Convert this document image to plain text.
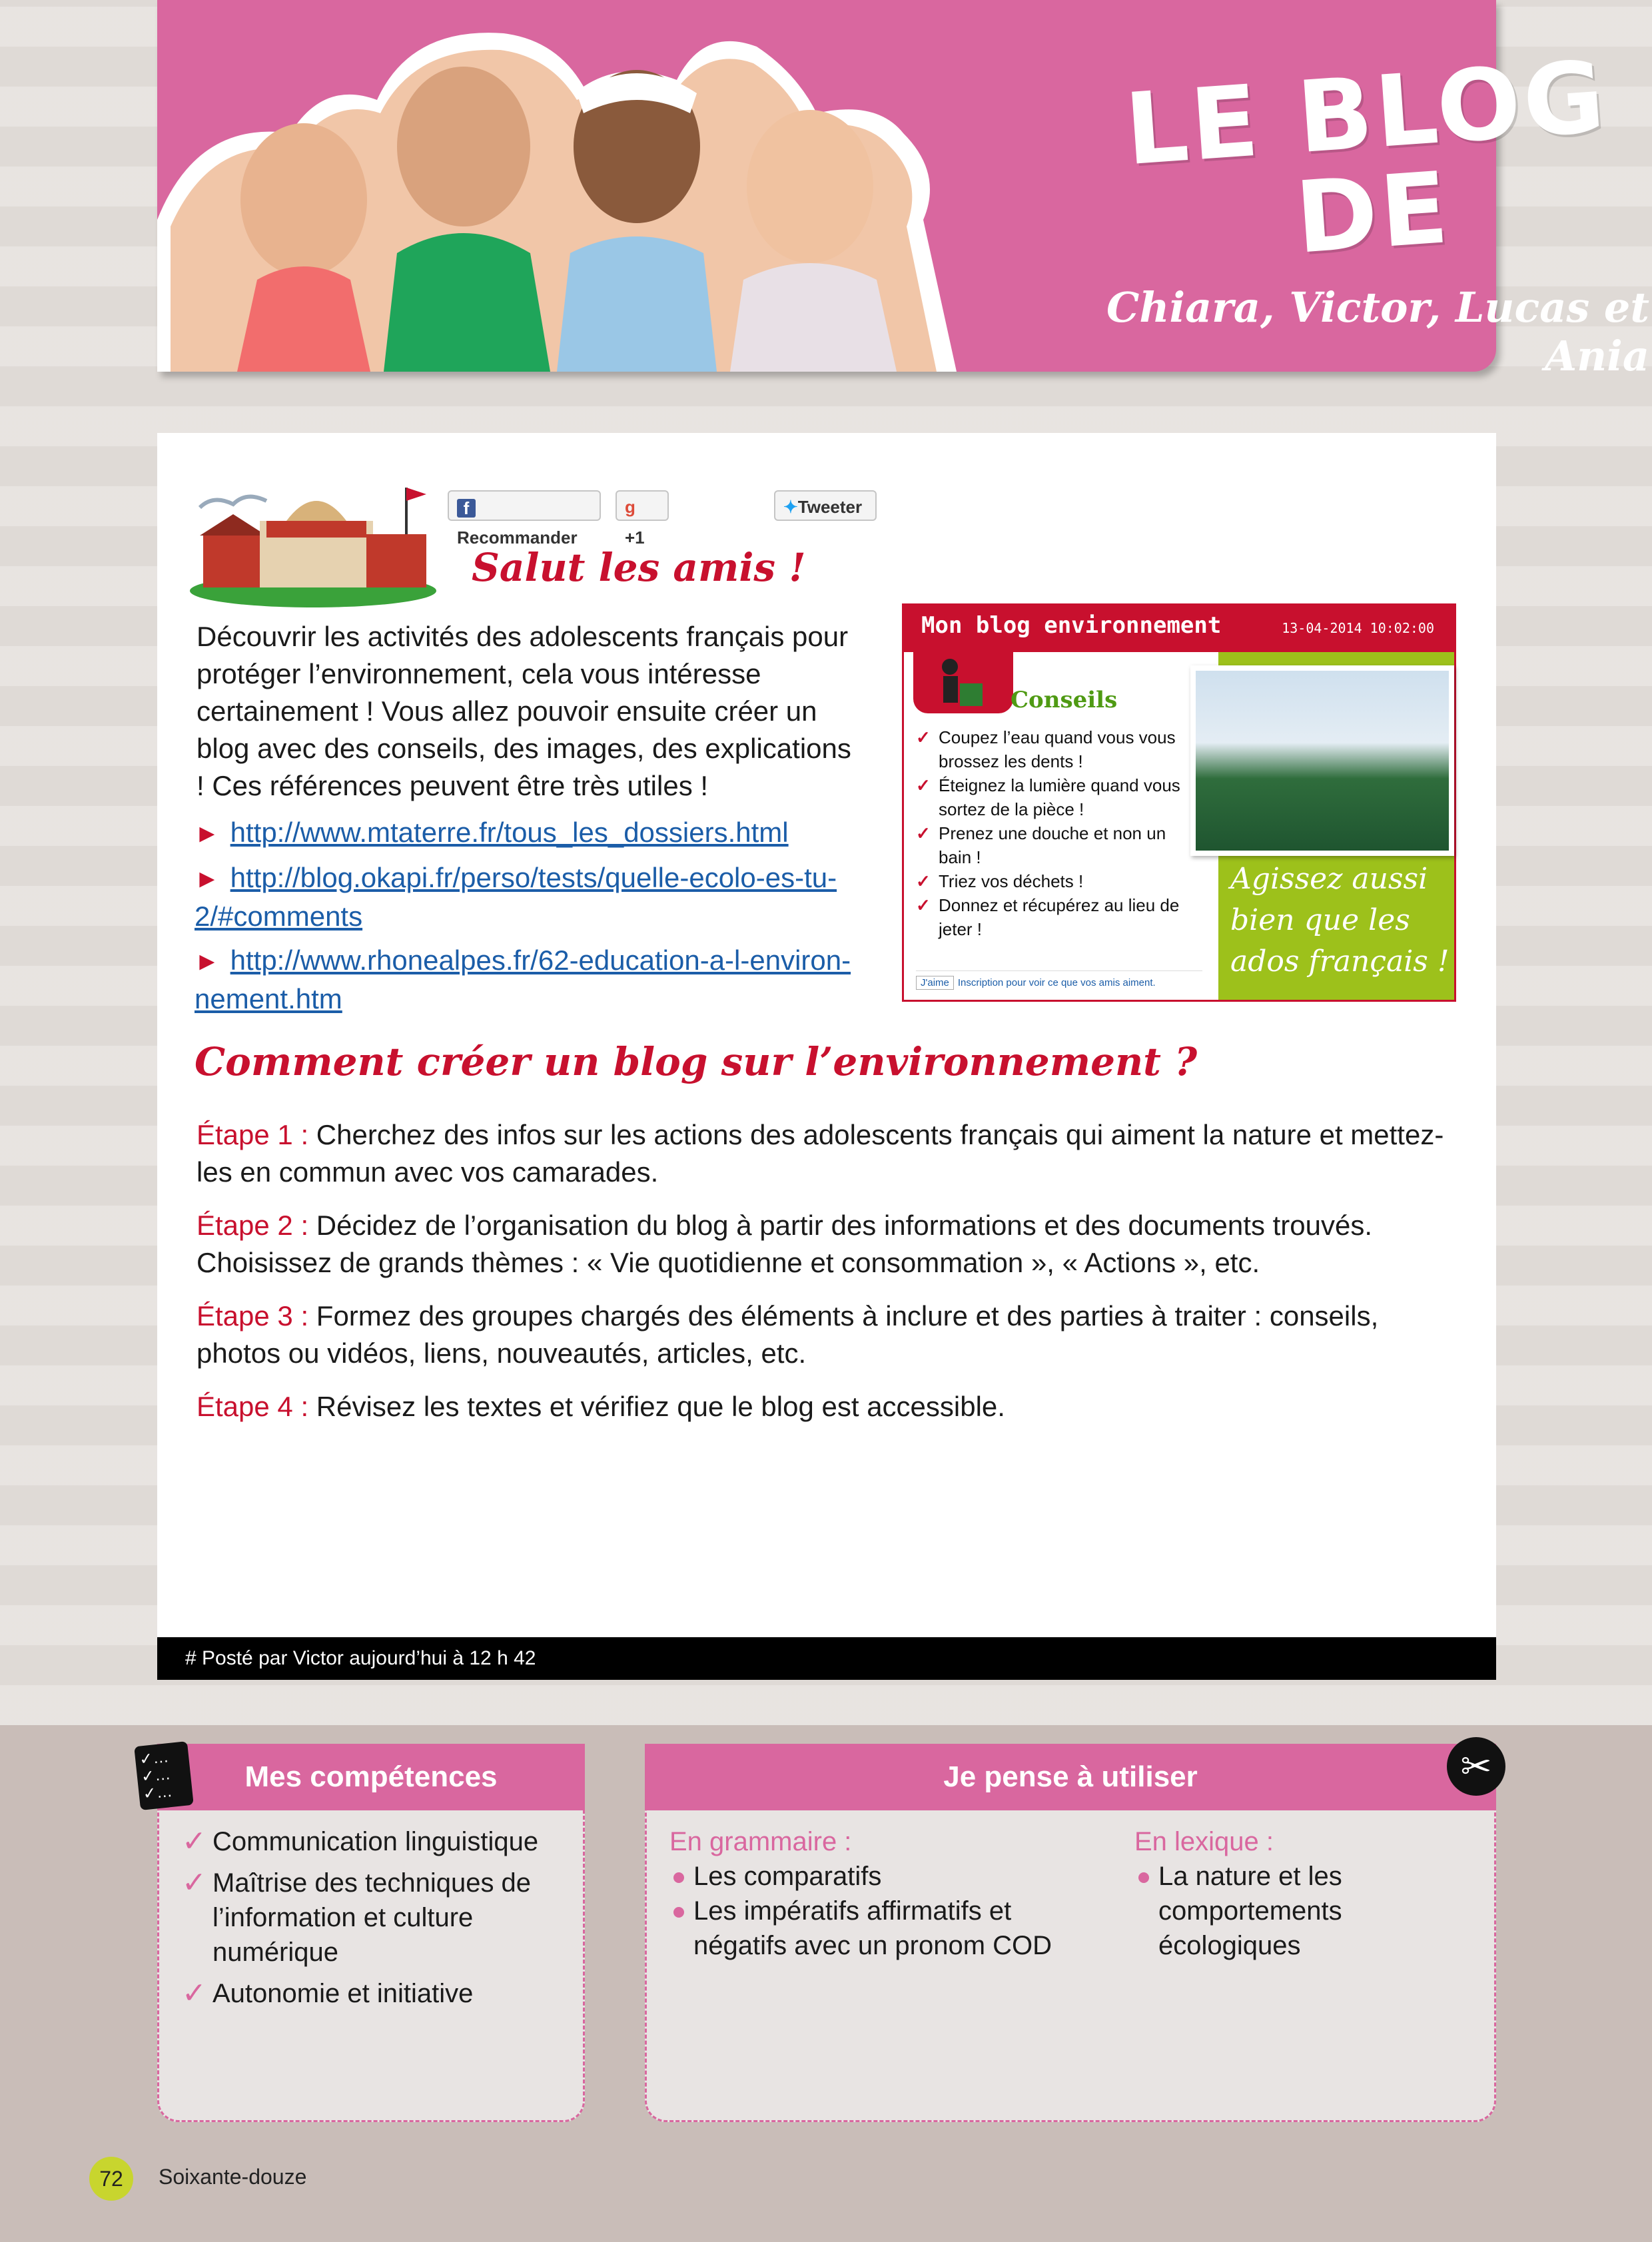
LE BLOG DE
Chiara, Victor, Lucas et Ania
fRecommander
g +1
✦Tweeter
Salut les amis !

Découvrir les activités des adolescents français pour protéger l’environnement, cela vous intéresse certainement ! Vous allez pouvoir ensuite créer un blog avec des conseils, des images, des explications ! Ces références peuvent être très utiles !

► http://www.mtaterre.fr/tous_les_dossiers.html
► http://blog.okapi.fr/perso/tests/quelle-ecolo-es-tu-2/#comments
► http://www.rhonealpes.fr/62-education-a-l-environ-nement.htm
Mon blog environnement	13-04-2014 10:02:00
Conseils
✓ Coupez l’eau quand vous vous brossez les dents !
✓ Éteignez la lumière quand vous sortez de la pièce !
✓ Prenez une douche et non un bain !
✓ Triez vos déchets !
✓ Donnez et récupérez au lieu de jeter !
Agissez aussi bien que les ados français !
J'aime Inscription pour voir ce que vos amis aiment.
Comment créer un blog sur l’environnement ?

Étape 1 : Cherchez des infos sur les actions des adolescents français qui aiment la nature et mettez-les en commun avec vos camarades.

Étape 2 : Décidez de l’organisation du blog à partir des informations et des documents trouvés. Choisissez de grands thèmes : « Vie quotidienne et consommation », « Actions », etc.

Étape 3 : Formez des groupes chargés des éléments à inclure et des parties à traiter : conseils, photos ou vidéos, liens, nouveautés, articles, etc.

Étape 4 : Révisez les textes et vérifiez que le blog est accessible.

# Posté par Victor aujourd’hui à 12 h 42
Mes compétences
✓ Communication linguistique
✓ Maîtrise des techniques de l’information et culture numérique
✓ Autonomie et initiative
✓…
✓…
✓…	Je pense à utiliser
En grammaire :
Les comparatifs
Les impératifs affirmatifs et négatifs avec un pronom COD
En lexique :
La nature et les comportements écologiques
✂
72	Soixante-douze
